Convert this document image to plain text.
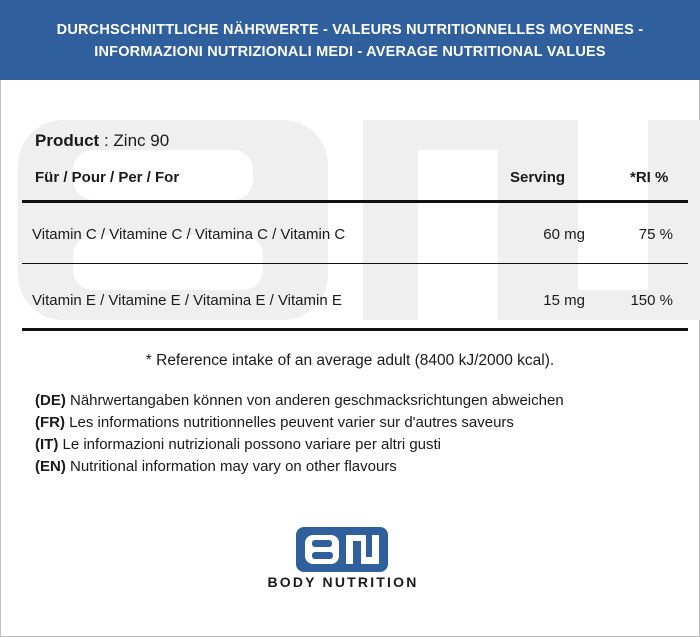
DURCHSCHNITTLICHE NÄHRWERTE - VALEURS NUTRITIONNELLES MOYENNES -
INFORMAZIONI NUTRIZIONALI MEDI - AVERAGE NUTRITIONAL VALUES
Product : Zinc 90
Für / Pour / Per / For	Serving	*RI %
Vitamin C / Vitamine C / Vitamina C / Vitamin C	60 mg	75 %
Vitamin E / Vitamine E / Vitamina E / Vitamin E	15 mg	150 %
* Reference intake of an average adult (8400 kJ/2000 kcal).
(DE) Nährwertangaben können von anderen geschmacksrichtungen abweichen
(FR) Les informations nutritionnelles peuvent varier sur d'autres saveurs
(IT) Le informazioni nutrizionali possono variare per altri gusti
(EN) Nutritional information may vary on other flavours
BODY NUTRITION
